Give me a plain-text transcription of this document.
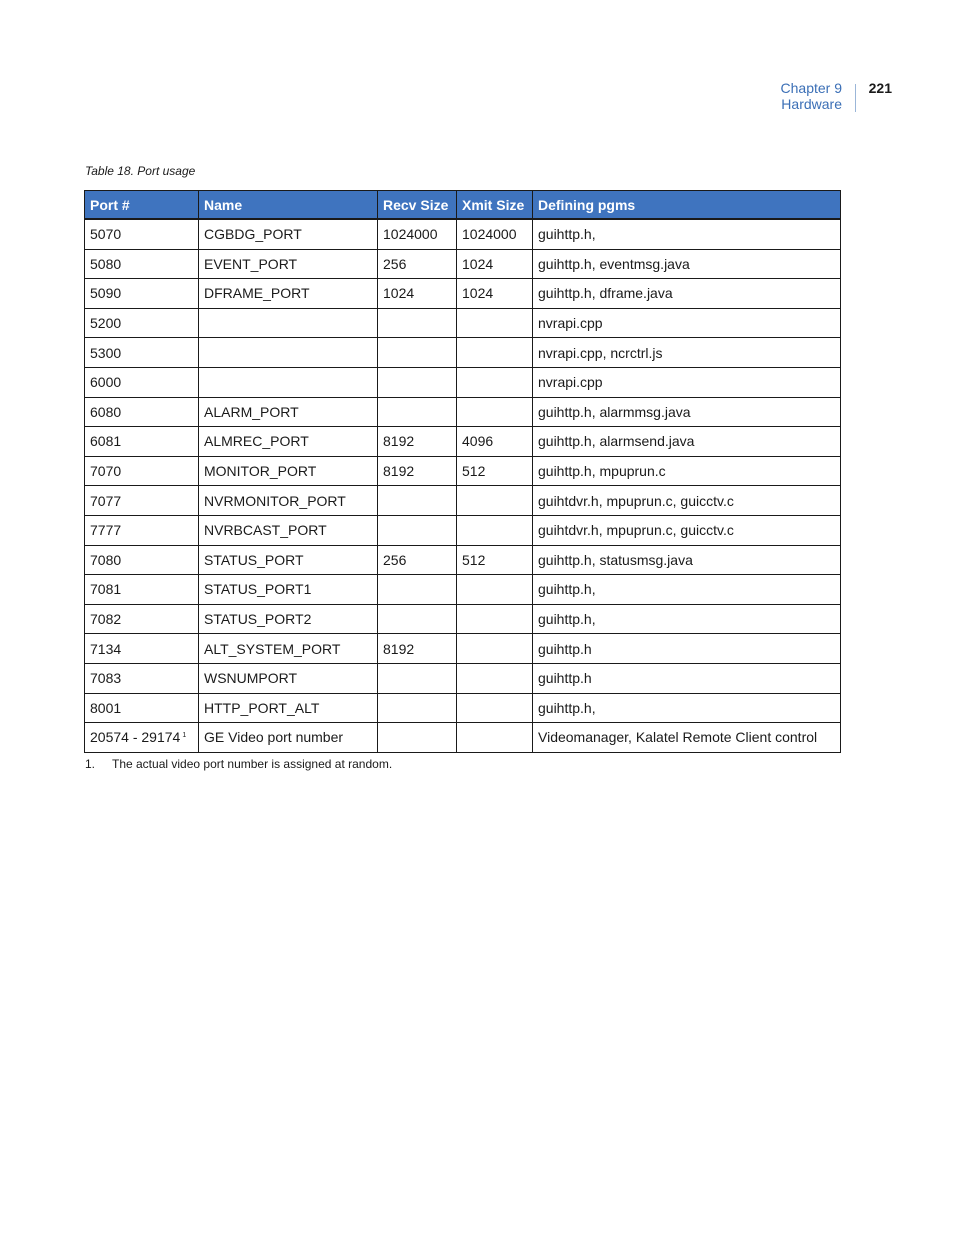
Chapter 9
Hardware
221
Table 18. Port usage
Port #	Name	Recv Size	Xmit Size	Defining pgms
5070	CGBDG_PORT	1024000	1024000	guihttp.h,
5080	EVENT_PORT	256	1024	guihttp.h, eventmsg.java
5090	DFRAME_PORT	1024	1024	guihttp.h, dframe.java
5200				nvrapi.cpp
5300				nvrapi.cpp, ncrctrl.js
6000				nvrapi.cpp
6080	ALARM_PORT			guihttp.h, alarmmsg.java
6081	ALMREC_PORT	8192	4096	guihttp.h, alarmsend.java
7070	MONITOR_PORT	8192	512	guihttp.h, mpuprun.c
7077	NVRMONITOR_PORT			guihtdvr.h, mpuprun.c, guicctv.c
7777	NVRBCAST_PORT			guihtdvr.h, mpuprun.c, guicctv.c
7080	STATUS_PORT	256	512	guihttp.h, statusmsg.java
7081	STATUS_PORT1			guihttp.h,
7082	STATUS_PORT2			guihttp.h,
7134	ALT_SYSTEM_PORT	8192		guihttp.h
7083	WSNUMPORT			guihttp.h
8001	HTTP_PORT_ALT			guihttp.h,
20574 - 29174 $^1$	GE Video port number			Videomanager, Kalatel Remote Client control
1. The actual video port number is assigned at random.
